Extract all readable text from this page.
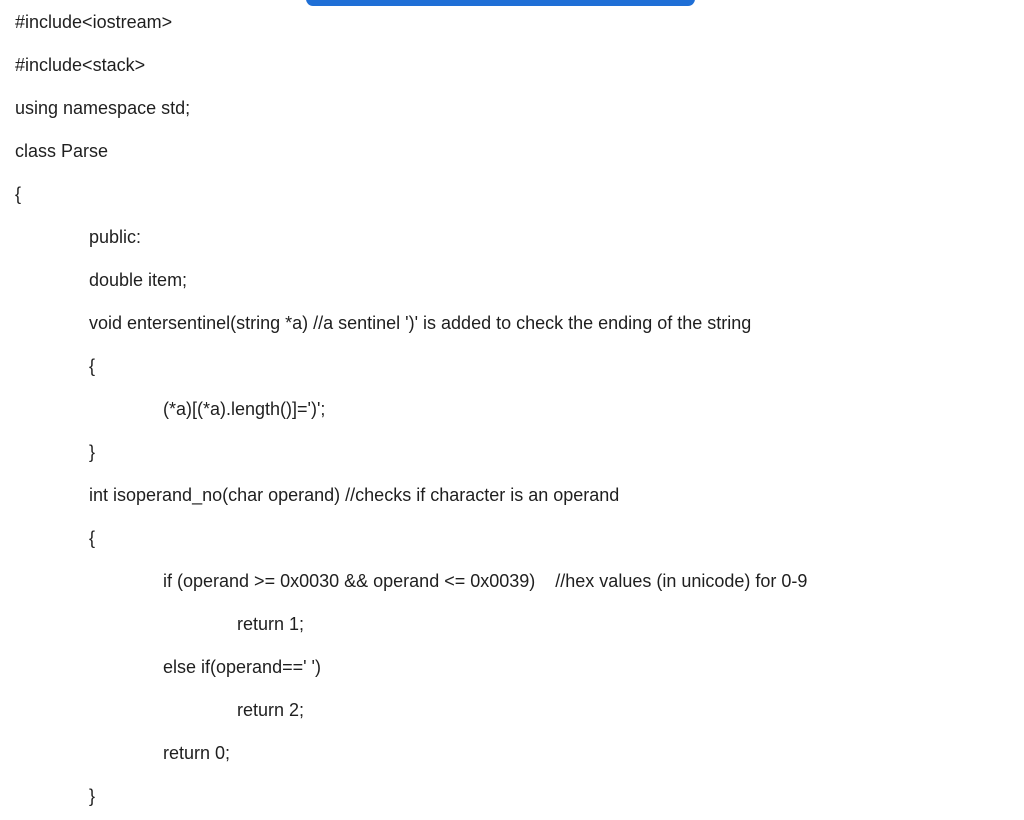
#include<iostream>
#include<stack>
using namespace std;
class Parse
{
public:
double item;
void entersentinel(string *a) //a sentinel ')' is added to check the ending of the string
{
(*a)[(*a).length()]=')';
}
int isoperand_no(char operand) //checks if character is an operand
{
if (operand >= 0x0030 && operand <= 0x0039)    //hex values (in unicode) for 0-9
return 1;
else if(operand==' ')
return 2;
return 0;
}
